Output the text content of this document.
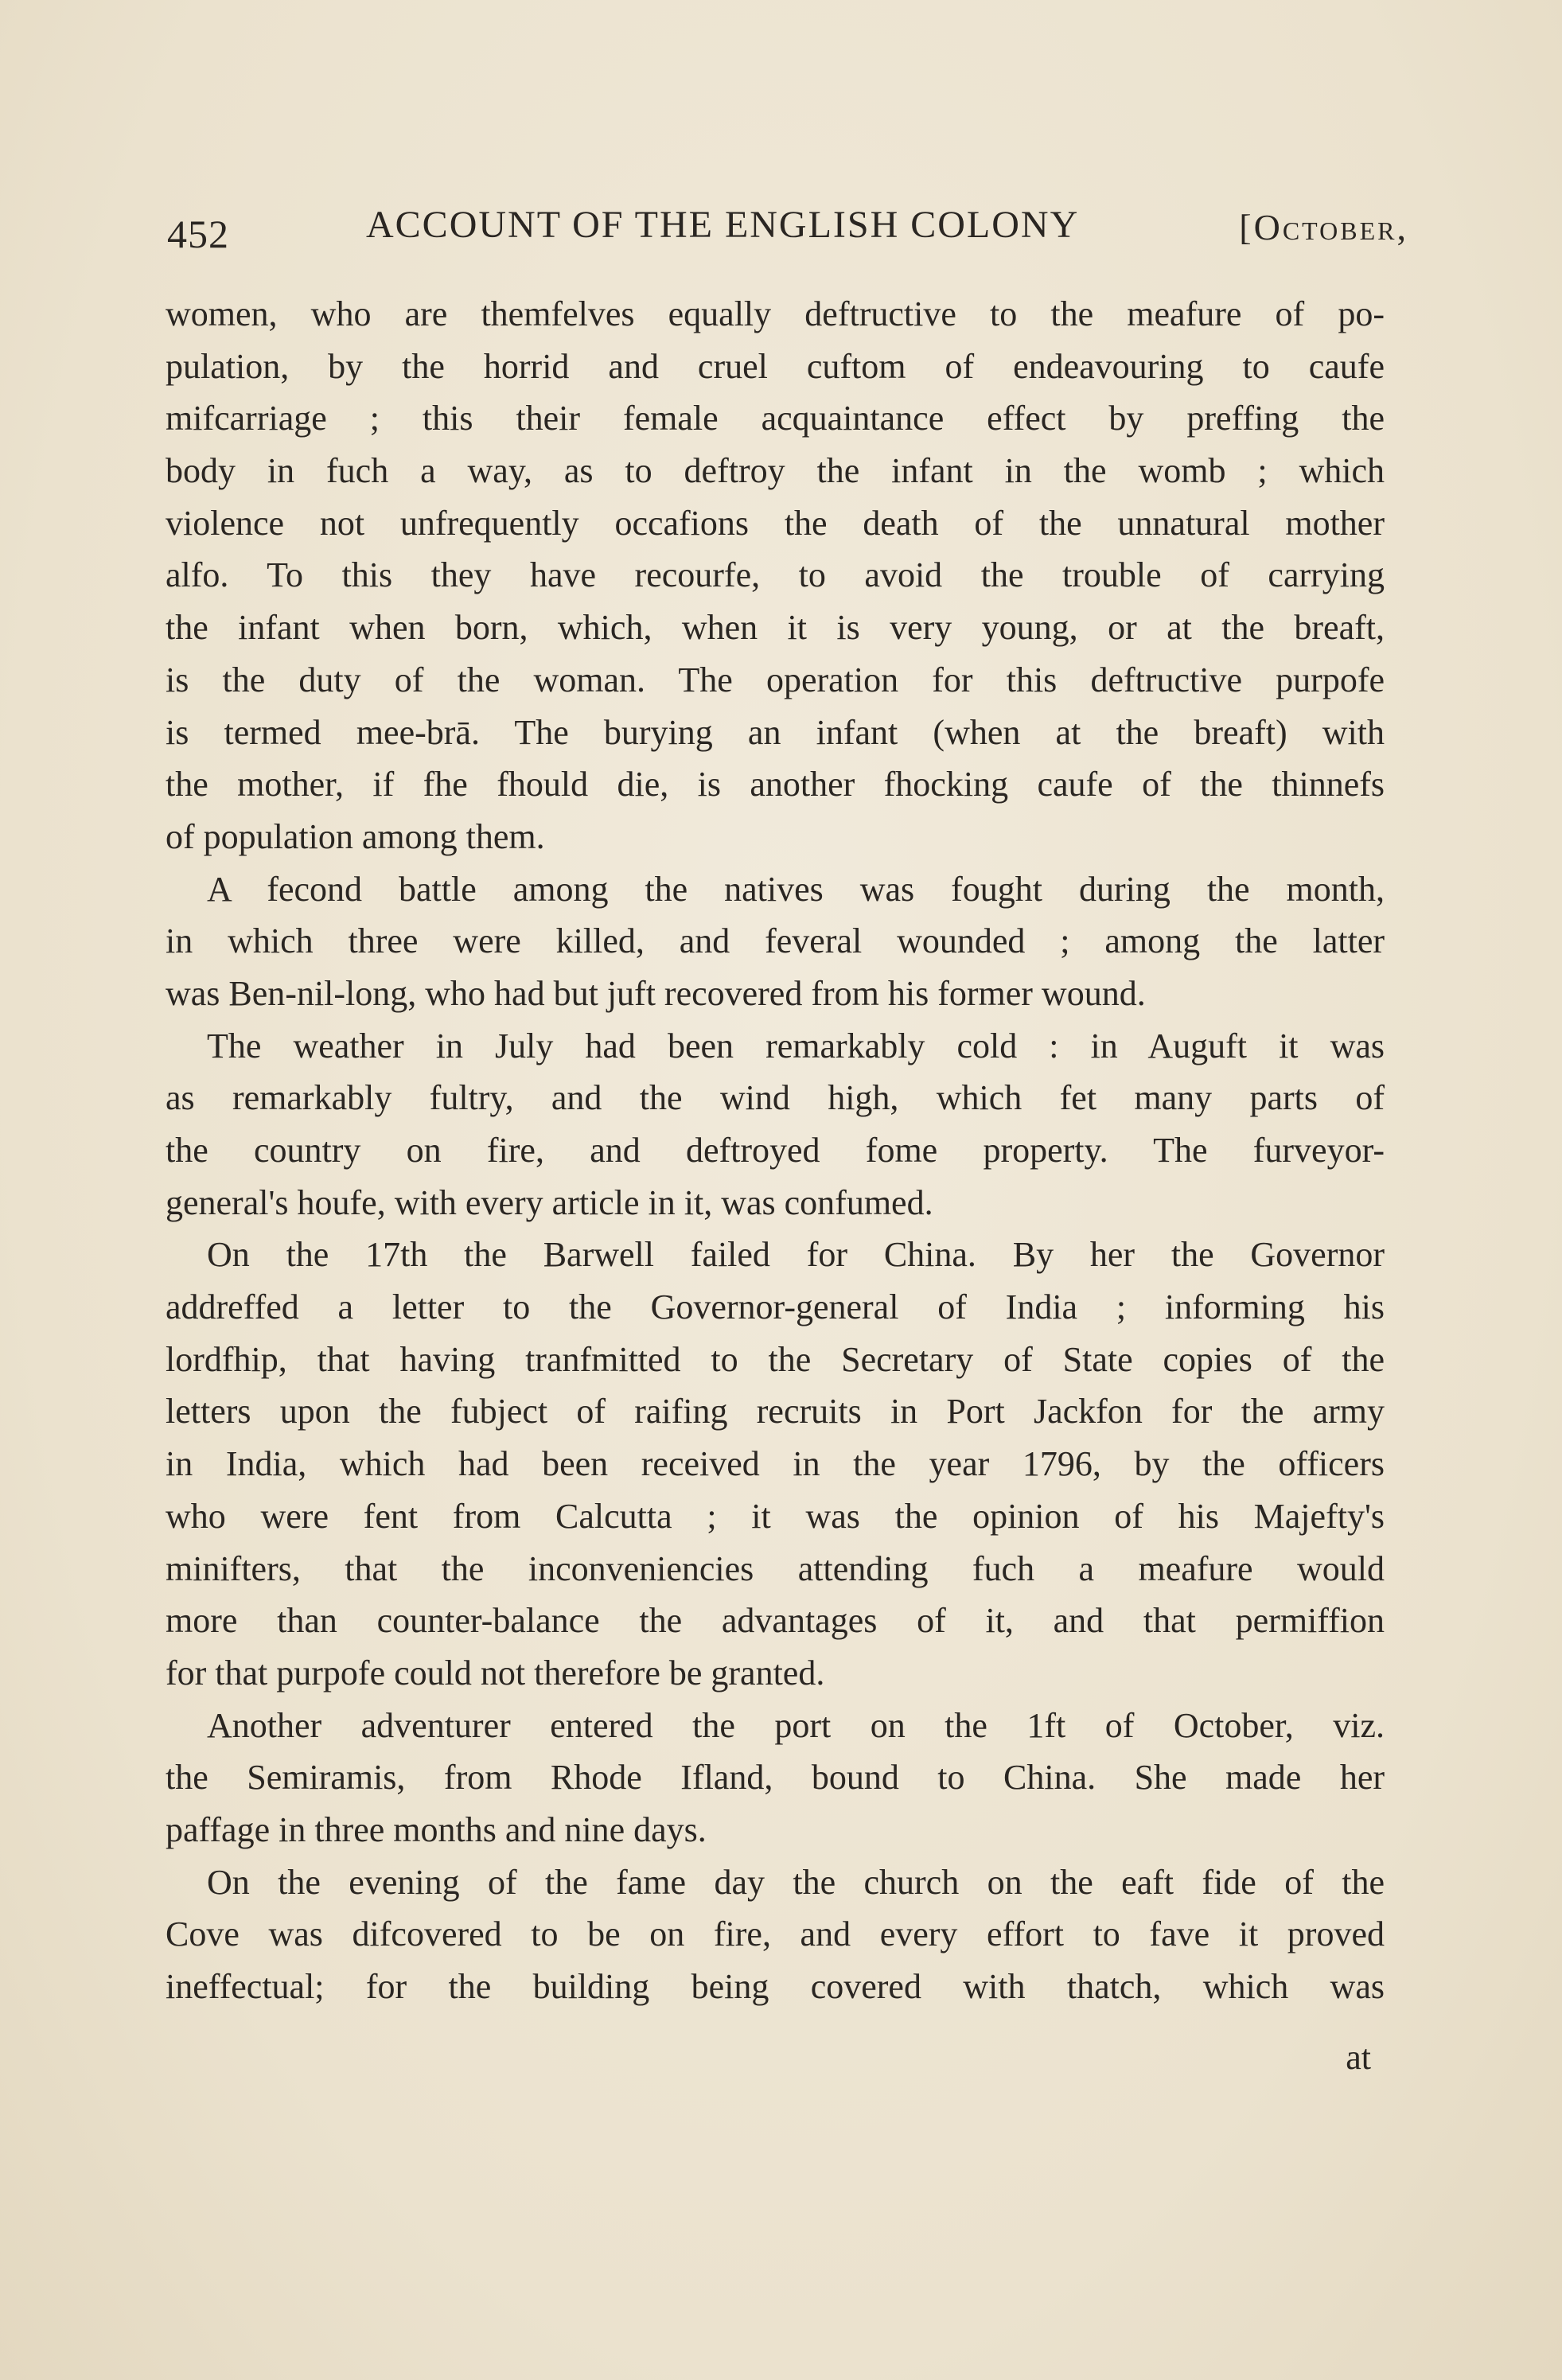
452	ACCOUNT OF THE ENGLISH COLONY	[October,
women, who are themfelves equally deftructive to the meafure of po-
pulation, by the horrid and cruel cuftom of endeavouring to caufe
mifcarriage ; this their female acquaintance effect by preffing the
body in fuch a way, as to deftroy the infant in the womb ; which
violence not unfrequently occafions the death of the unnatural mother
alfo. To this they have recourfe, to avoid the trouble of carrying
the infant when born, which, when it is very young, or at the breaft,
is the duty of the woman. The operation for this deftructive purpofe
is termed mee-brā. The burying an infant (when at the breaft) with
the mother, if fhe fhould die, is another fhocking caufe of the thinnefs
of population among them.
A fecond battle among the natives was fought during the month,
in which three were killed, and feveral wounded ; among the latter
was Ben-nil-long, who had but juft recovered from his former wound.
The weather in July had been remarkably cold : in Auguft it was
as remarkably fultry, and the wind high, which fet many parts of
the country on fire, and deftroyed fome property. The furveyor-
general's houfe, with every article in it, was confumed.
On the 17th the Barwell failed for China. By her the Governor
addreffed a letter to the Governor-general of India ; informing his
lordfhip, that having tranfmitted to the Secretary of State copies of the
letters upon the fubject of raifing recruits in Port Jackfon for the army
in India, which had been received in the year 1796, by the officers
who were fent from Calcutta ; it was the opinion of his Majefty's
minifters, that the inconveniencies attending fuch a meafure would
more than counter-balance the advantages of it, and that permiffion
for that purpofe could not therefore be granted.
Another adventurer entered the port on the 1ft of October, viz.
the Semiramis, from Rhode Ifland, bound to China. She made her
paffage in three months and nine days.
On the evening of the fame day the church on the eaft fide of the
Cove was difcovered to be on fire, and every effort to fave it proved
ineffectual; for the building being covered with thatch, which was
at
